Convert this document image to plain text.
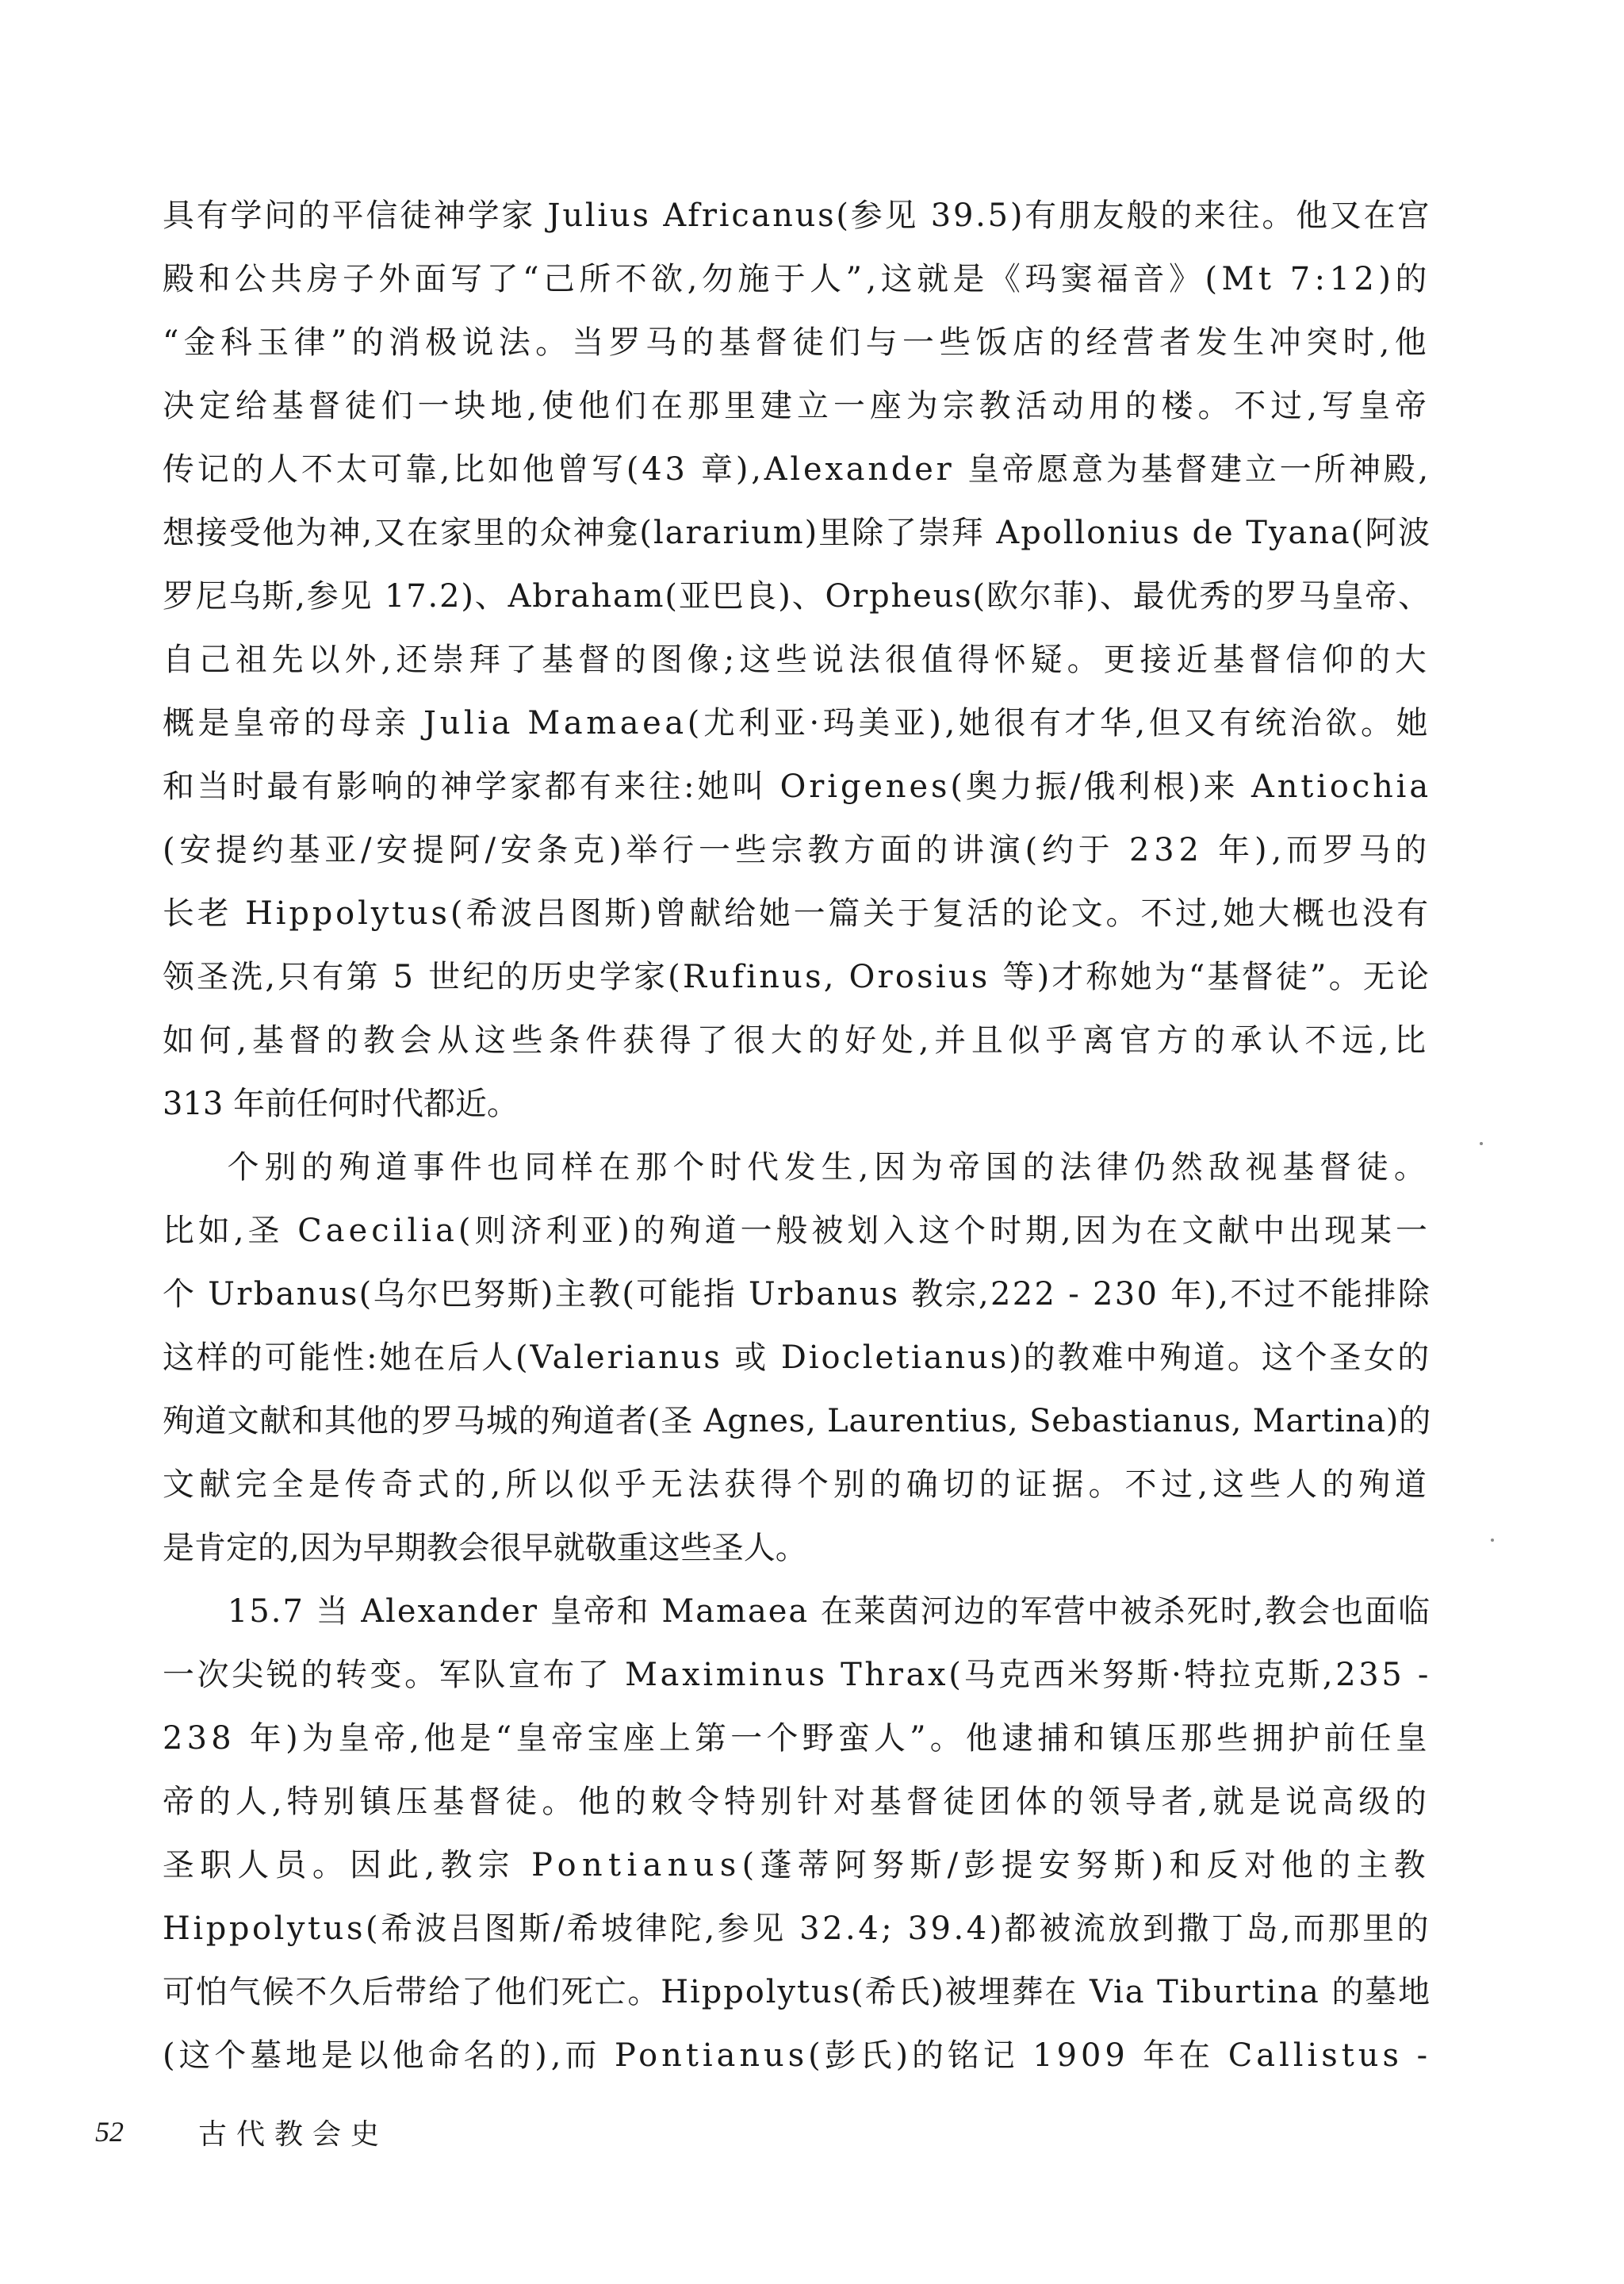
具有学问的平信徒神学家 Julius Africanus(参见 39.5)有朋友般的来往。他又在宫
殿和公共房子外面写了“己所不欲,勿施于人”,这就是《玛窦福音》(Mt 7:12)的
“金科玉律”的消极说法。当罗马的基督徒们与一些饭店的经营者发生冲突时,他
决定给基督徒们一块地,使他们在那里建立一座为宗教活动用的楼。不过,写皇帝
传记的人不太可靠,比如他曾写(43 章),Alexander 皇帝愿意为基督建立一所神殿,
想接受他为神,又在家里的众神龛(lararium)里除了崇拜 Apollonius de Tyana(阿波
罗尼乌斯,参见 17.2)、Abraham(亚巴良)、Orpheus(欧尔菲)、最优秀的罗马皇帝、
自己祖先以外,还崇拜了基督的图像;这些说法很值得怀疑。更接近基督信仰的大
概是皇帝的母亲 Julia Mamaea(尤利亚·玛美亚),她很有才华,但又有统治欲。她
和当时最有影响的神学家都有来往:她叫 Origenes(奥力振/俄利根)来 Antiochia
(安提约基亚/安提阿/安条克)举行一些宗教方面的讲演(约于 232 年),而罗马的
长老 Hippolytus(希波吕图斯)曾献给她一篇关于复活的论文。不过,她大概也没有
领圣洗,只有第 5 世纪的历史学家(Rufinus, Orosius 等)才称她为“基督徒”。无论
如何,基督的教会从这些条件获得了很大的好处,并且似乎离官方的承认不远,比
313 年前任何时代都近。
个别的殉道事件也同样在那个时代发生,因为帝国的法律仍然敌视基督徒。
比如,圣 Caecilia(则济利亚)的殉道一般被划入这个时期,因为在文献中出现某一
个 Urbanus(乌尔巴努斯)主教(可能指 Urbanus 教宗,222 - 230 年),不过不能排除
这样的可能性:她在后人(Valerianus 或 Diocletianus)的教难中殉道。这个圣女的
殉道文献和其他的罗马城的殉道者(圣 Agnes, Laurentius, Sebastianus, Martina)的
文献完全是传奇式的,所以似乎无法获得个别的确切的证据。不过,这些人的殉道
是肯定的,因为早期教会很早就敬重这些圣人。
15.7 当 Alexander 皇帝和 Mamaea 在莱茵河边的军营中被杀死时,教会也面临
一次尖锐的转变。军队宣布了 Maximinus Thrax(马克西米努斯·特拉克斯,235 -
238 年)为皇帝,他是“皇帝宝座上第一个野蛮人”。他逮捕和镇压那些拥护前任皇
帝的人,特别镇压基督徒。他的敕令特别针对基督徒团体的领导者,就是说高级的
圣职人员。因此,教宗 Pontianus(蓬蒂阿努斯/彭提安努斯)和反对他的主教
Hippolytus(希波吕图斯/希坡律陀,参见 32.4; 39.4)都被流放到撒丁岛,而那里的
可怕气候不久后带给了他们死亡。Hippolytus(希氏)被埋葬在 Via Tiburtina 的墓地
(这个墓地是以他命名的),而 Pontianus(彭氏)的铭记 1909 年在 Callistus -
52	古代教会史
